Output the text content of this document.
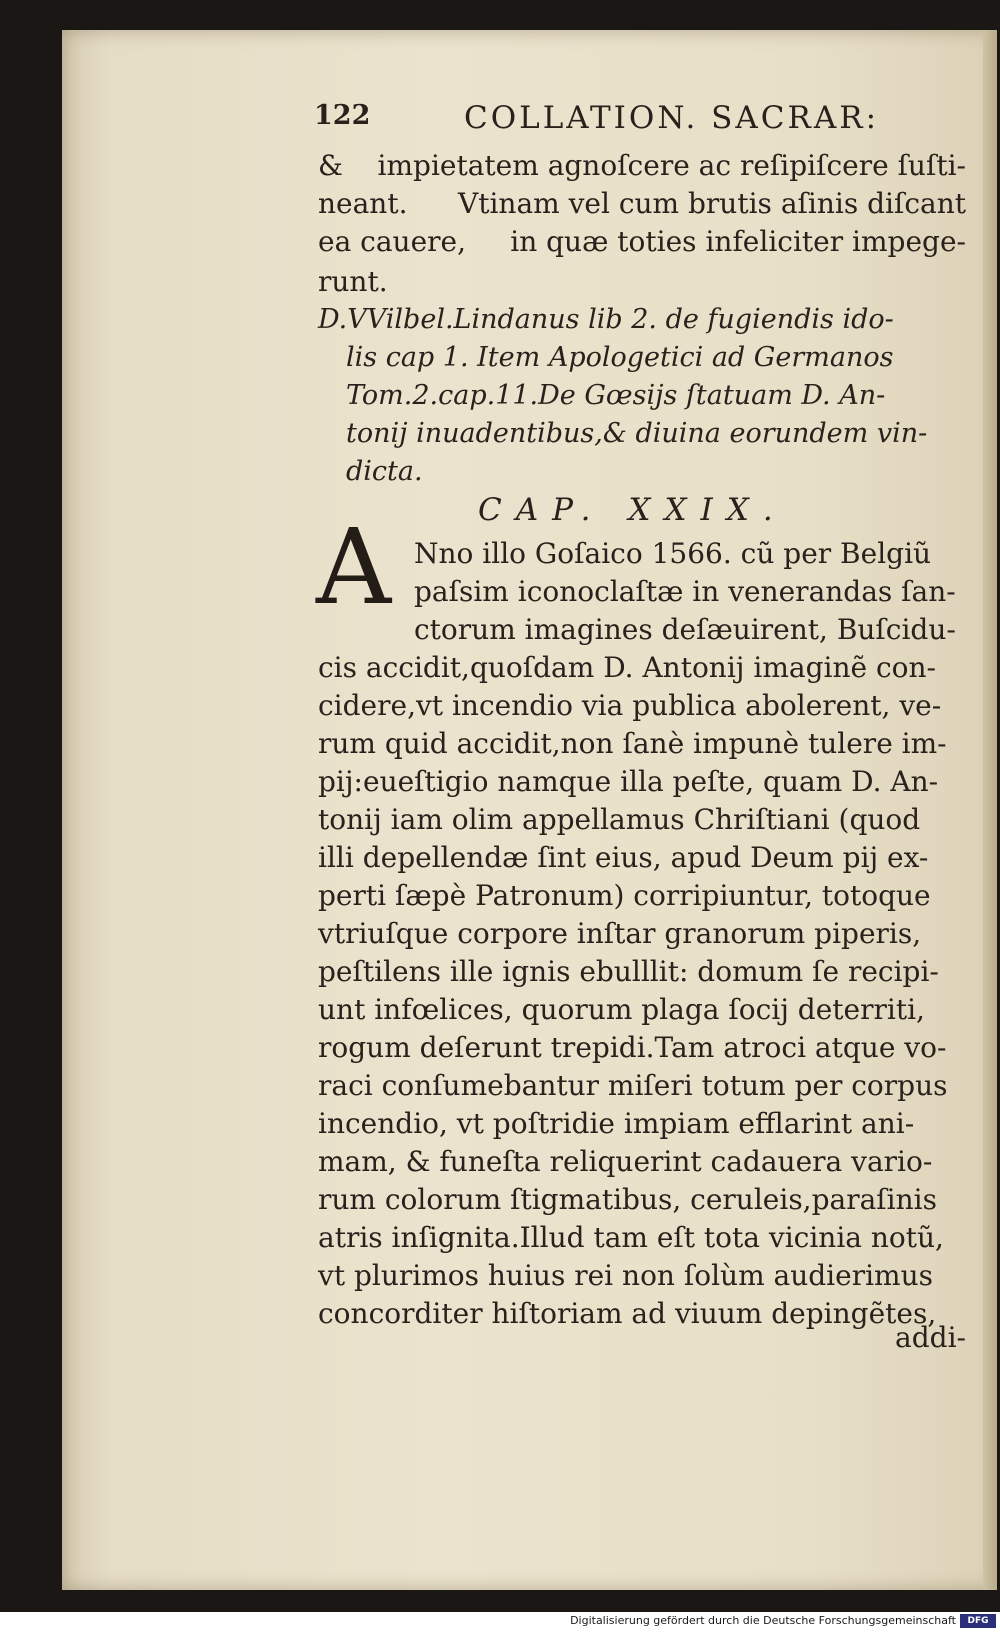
122	COLLATION. SACRAR:
& impietatem agnoſcere ac reſipiſcere ſuſti-
neant. Vtinam vel cum brutis aſinis diſcant
ea cauere, in quæ toties infeliciter impege-
runt.
D.VVilbel.Lindanus lib 2. de fugiendis ido-
lis cap 1. Item Apologetici ad Germanos
Tom.2.cap.11.De Gœsijs ſtatuam D. An-
tonij inuadentibus,& diuina eorundem vin-
dicta.
CAP. XXIX.
A Nno illo Goſaico 1566. cũ per Belgiũ
paſsim iconoclaſtæ in venerandas ſan-
ctorum imagines deſæuirent, Buſcidu-
cis accidit,quoſdam D. Antonij imaginẽ con-
cidere,vt incendio via publica abolerent, ve-
rum quid accidit,non ſanè impunè tulere im-
pij:eueſtigio namque illa peſte, quam D. An-
tonij iam olim appellamus Chriſtiani (quod
illi depellendæ ſint eius, apud Deum pij ex-
perti ſæpè Patronum) corripiuntur, totoque
vtriuſque corpore inſtar granorum piperis,
peſtilens ille ignis ebulllit: domum ſe recipi-
unt infœlices, quorum plaga ſocij deterriti,
rogum deſerunt trepidi.Tam atroci atque vo-
raci conſumebantur miſeri totum per corpus
incendio, vt poſtridie impiam efflarint ani-
mam, & funeſta reliquerint cadauera vario-
rum colorum ſtigmatibus, ceruleis,paraſinis
atris inſignita.Illud tam eſt tota vicinia notũ,
vt plurimos huius rei non ſolùm audierimus
concorditer hiſtoriam ad viuum depingẽtes,
addi-
Digitalisierung gefördert durch die Deutsche Forschungsgemeinschaft	DFG
